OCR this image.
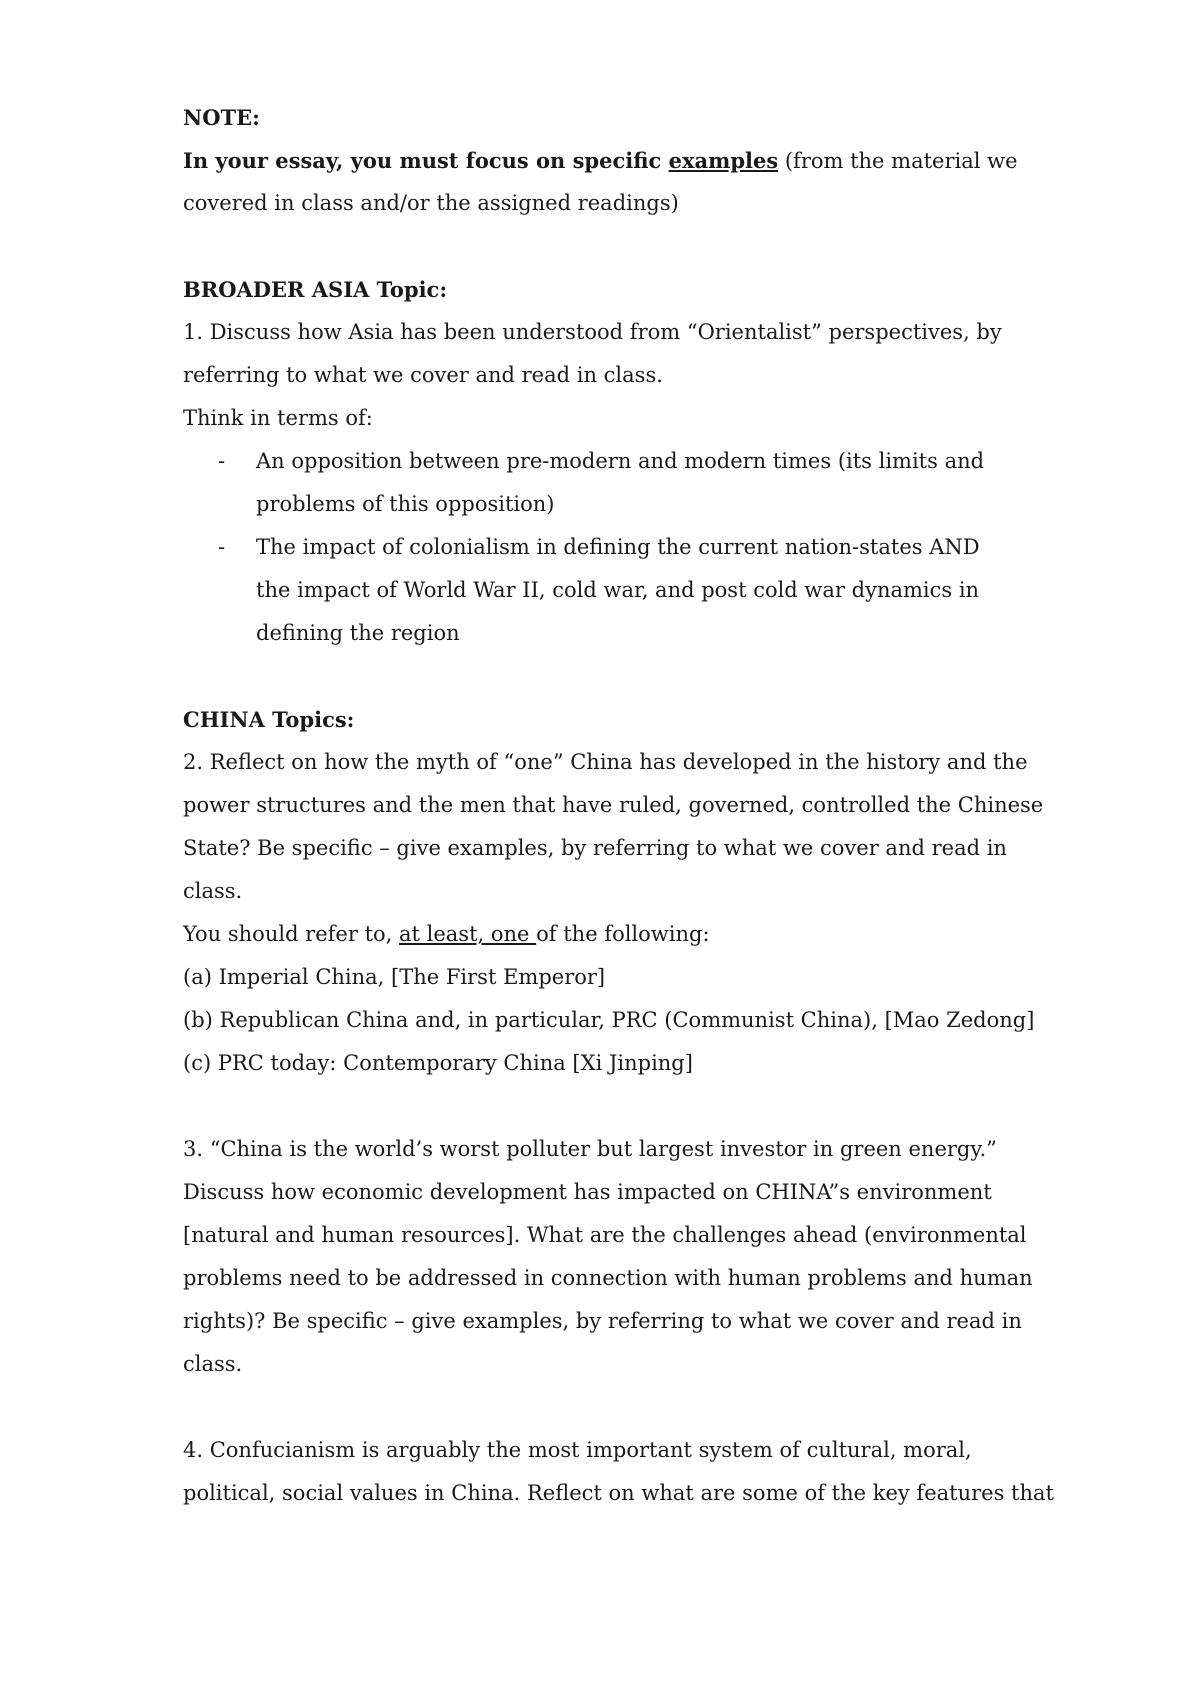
NOTE:
In your essay, you must focus on specific examples (from the material we
covered in class and/or the assigned readings)
BROADER ASIA Topic:
1. Discuss how Asia has been understood from “Orientalist” perspectives, by
referring to what we cover and read in class.
Think in terms of:
- An opposition between pre-modern and modern times (its limits and
problems of this opposition)
- The impact of colonialism in defining the current nation-states AND
the impact of World War II, cold war, and post cold war dynamics in
defining the region
CHINA Topics:
2. Reflect on how the myth of “one” China has developed in the history and the
power structures and the men that have ruled, governed, controlled the Chinese
State? Be specific – give examples, by referring to what we cover and read in
class.
You should refer to, at least, one of the following:
(a) Imperial China, [The First Emperor]
(b) Republican China and, in particular, PRC (Communist China), [Mao Zedong]
(c) PRC today: Contemporary China [Xi Jinping]
3. “China is the world’s worst polluter but largest investor in green energy.”
Discuss how economic development has impacted on CHINA”s environment
[natural and human resources]. What are the challenges ahead (environmental
problems need to be addressed in connection with human problems and human
rights)? Be specific – give examples, by referring to what we cover and read in
class.
4. Confucianism is arguably the most important system of cultural, moral,
political, social values in China. Reflect on what are some of the key features that
